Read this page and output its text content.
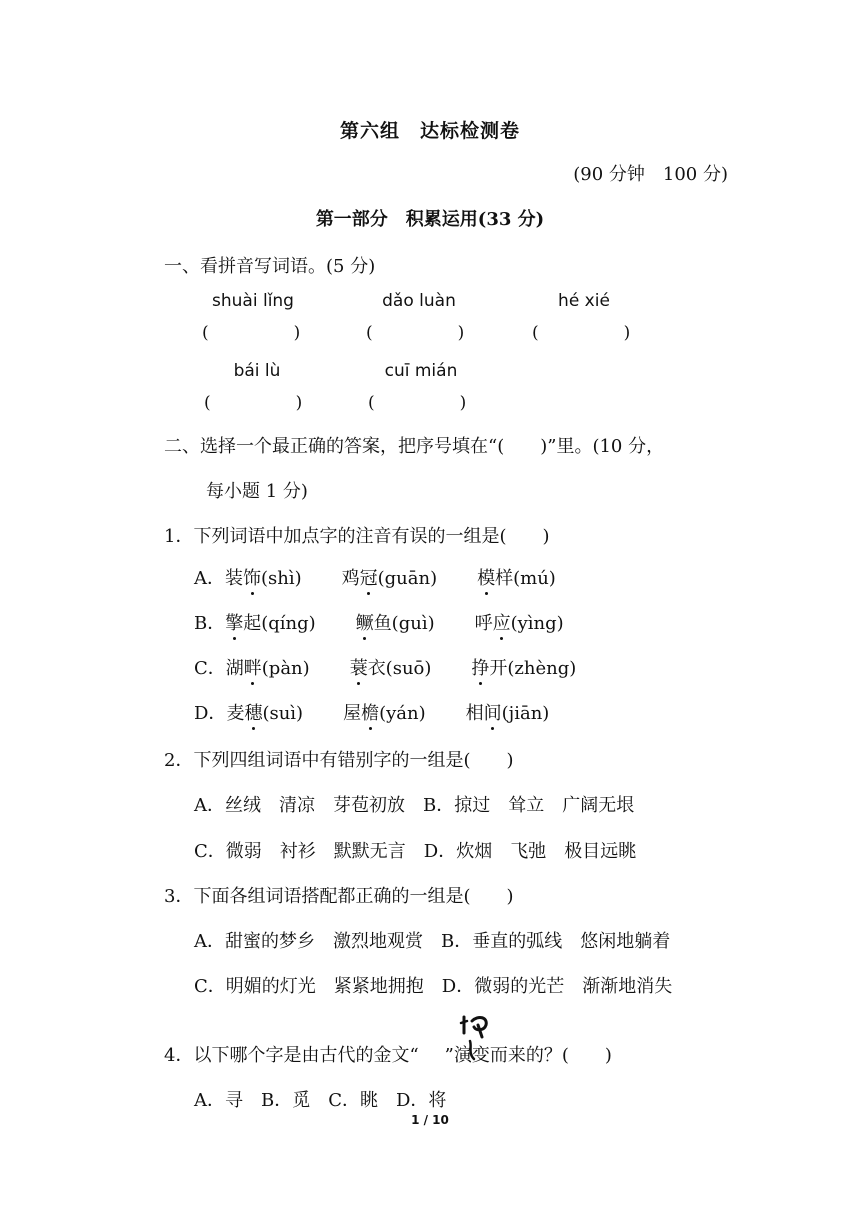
第六组　达标检测卷
(90 分钟　100 分)
第一部分　积累运用(33 分)
一、看拼音写词语。(5 分)
shuài lǐng	dǎo luàn	hé xié
(　　　　　)	(　　　　　)	(　　　　　)
bái lù	cuī mián
(　　　　　)	(　　　　　)
二、选择一个最正确的答案，把序号填在“(　　)”里。(10 分，
每小题 1 分)
1．下列词语中加点字的注音有误的一组是(　　)
A．装饰(shì) 鸡冠(guān) 模样(mú)
B．擎起(qíng) 鳜鱼(guì) 呼应(yìng)
C．湖畔(pàn) 蓑衣(suō) 挣开(zhèng)
D．麦穗(suì) 屋檐(yán) 相间(jiān)
2．下列四组词语中有错别字的一组是(　　)
A．丝绒　清凉　芽苞初放　B．掠过　耸立　广阔无垠
C．微弱　衬衫　默默无言　D．炊烟　飞弛　极目远眺
3．下面各组词语搭配都正确的一组是(　　)
A．甜蜜的梦乡　激烈地观赏　B．垂直的弧线　悠闲地躺着
C．明媚的灯光　紧紧地拥抱　D．微弱的光芒　渐渐地消失
4．以下哪个字是由古代的金文“ ”演变而来的？(　　)
A．寻　B．觅　C．眺　D．将
1 / 10
